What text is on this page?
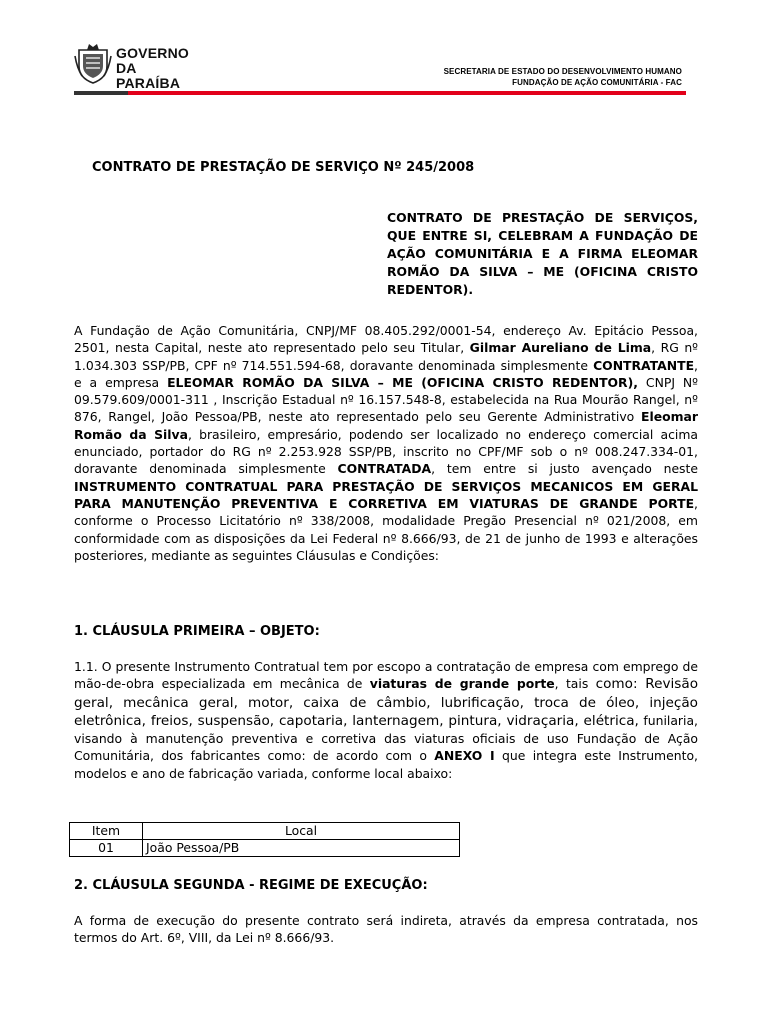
GOVERNO
DA PARAÍBA
SECRETARIA DE ESTADO DO DESENVOLVIMENTO HUMANO
FUNDAÇÃO DE AÇÃO COMUNITÁRIA - FAC
CONTRATO DE PRESTAÇÃO DE SERVIÇO Nº 245/2008
CONTRATO DE PRESTAÇÃO DE SERVIÇOS, QUE ENTRE SI, CELEBRAM A FUNDAÇÃO DE AÇÃO COMUNITÁRIA E A FIRMA ELEOMAR ROMÃO DA SILVA – ME (OFICINA CRISTO REDENTOR).
A Fundação de Ação Comunitária, CNPJ/MF 08.405.292/0001-54, endereço Av. Epitácio Pessoa, 2501, nesta Capital, neste ato representado pelo seu Titular, Gilmar Aureliano de Lima, RG nº 1.034.303 SSP/PB, CPF nº 714.551.594-68, doravante denominada simplesmente CONTRATANTE, e a empresa ELEOMAR ROMÃO DA SILVA – ME (OFICINA CRISTO REDENTOR), CNPJ Nº 09.579.609/0001-311 , Inscrição Estadual nº 16.157.548-8, estabelecida na Rua Mourão Rangel, nº 876, Rangel, João Pessoa/PB, neste ato representado pelo seu Gerente Administrativo Eleomar Romão da Silva, brasileiro, empresário, podendo ser localizado no endereço comercial acima enunciado, portador do RG nº 2.253.928 SSP/PB, inscrito no CPF/MF sob o nº 008.247.334-01, doravante denominada simplesmente CONTRATADA, tem entre si justo avençado neste INSTRUMENTO CONTRATUAL PARA PRESTAÇÃO DE SERVIÇOS MECANICOS EM GERAL PARA MANUTENÇÃO PREVENTIVA E CORRETIVA EM VIATURAS DE GRANDE PORTE, conforme o Processo Licitatório nº 338/2008, modalidade Pregão Presencial nº 021/2008, em conformidade com as disposições da Lei Federal nº 8.666/93, de 21 de junho de 1993 e alterações posteriores, mediante as seguintes Cláusulas e Condições:
1. CLÁUSULA PRIMEIRA – OBJETO:
1.1. O presente Instrumento Contratual tem por escopo a contratação de empresa com emprego de mão-de-obra especializada em mecânica de viaturas de grande porte, tais como: Revisão geral, mecânica geral, motor, caixa de câmbio, lubrificação, troca de óleo, injeção eletrônica, freios, suspensão, capotaria, lanternagem, pintura, vidraçaria, elétrica, funilaria, visando à manutenção preventiva e corretiva das viaturas oficiais de uso Fundação de Ação Comunitária, dos fabricantes como: de acordo com o ANEXO I que integra este Instrumento, modelos e ano de fabricação variada, conforme local abaixo:
Item	Local
01	João Pessoa/PB
2. CLÁUSULA SEGUNDA - REGIME DE EXECUÇÃO:
A forma de execução do presente contrato será indireta, através da empresa contratada, nos termos do Art. 6º, VIII, da Lei nº 8.666/93.
